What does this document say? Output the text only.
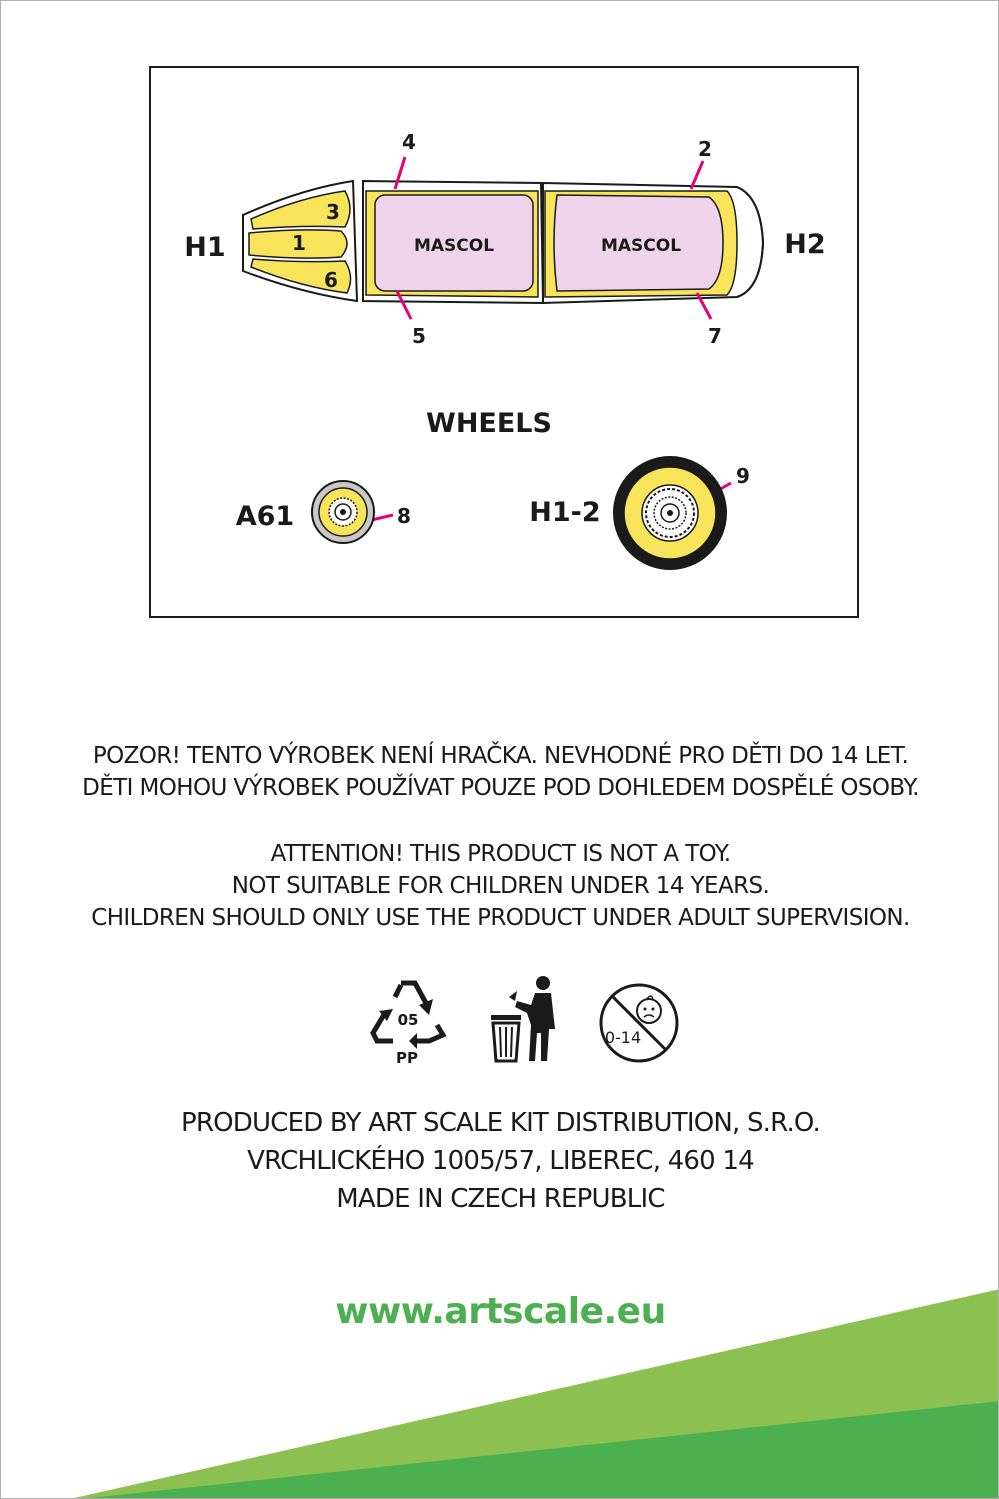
MASCOL	MASCOL
3
1
6
4	2
5	7
8
9
H1	H2
WHEELS
A61	H1-2

POZOR! TENTO VÝROBEK NENÍ HRAČKA. NEVHODNÉ PRO DĚTI DO 14 LET.

DĚTI MOHOU VÝROBEK POUŽÍVAT POUZE POD DOHLEDEM DOSPĚLÉ OSOBY.

ATTENTION! THIS PRODUCT IS NOT A TOY.

NOT SUITABLE FOR CHILDREN UNDER 14 YEARS.

CHILDREN SHOULD ONLY USE THE PRODUCT UNDER ADULT SUPERVISION.

05
PP
0-14

PRODUCED BY ART SCALE KIT DISTRIBUTION, S.R.O.

VRCHLICKÉHO 1005/57, LIBEREC, 460 14

MADE IN CZECH REPUBLIC

www.artscale.eu
